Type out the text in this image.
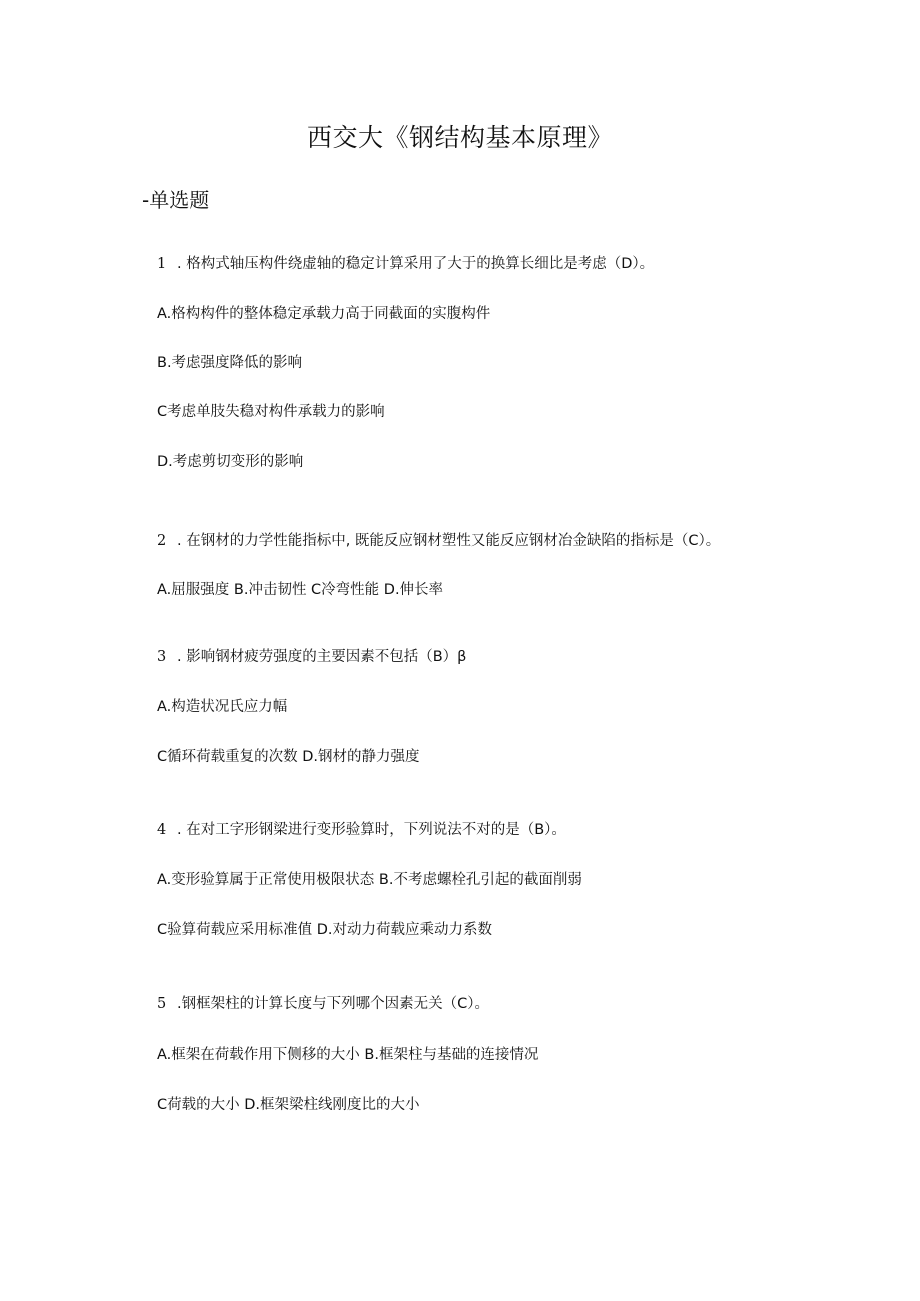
西交大《钢结构基本原理》
-单选题
1 . 格构式轴压构件绕虚轴的稳定计算采用了大于的换算长细比是考虑（D）。
A.格构构件的整体稳定承载力高于同截面的实腹构件
B.考虑强度降低的影响
C考虑单肢失稳对构件承载力的影响
D.考虑剪切变形的影响
2 . 在钢材的力学性能指标中, 既能反应钢材塑性又能反应钢材冶金缺陷的指标是（C）。
A.屈服强度 B.冲击韧性 C冷弯性能 D.伸长率
3 . 影响钢材疲劳强度的主要因素不包括（B）β
A.构造状况氏应力幅
C循环荷载重复的次数 D.钢材的静力强度
4 . 在对工字形钢梁进行变形验算时，下列说法不对的是（B）。
A.变形验算属于正常使用极限状态 B.不考虑螺栓孔引起的截面削弱
C验算荷载应采用标准值 D.对动力荷载应乘动力系数
5 .钢框架柱的计算长度与下列哪个因素无关（C）。
A.框架在荷载作用下侧移的大小 B.框架柱与基础的连接情况
C荷载的大小 D.框架梁柱线刚度比的大小
